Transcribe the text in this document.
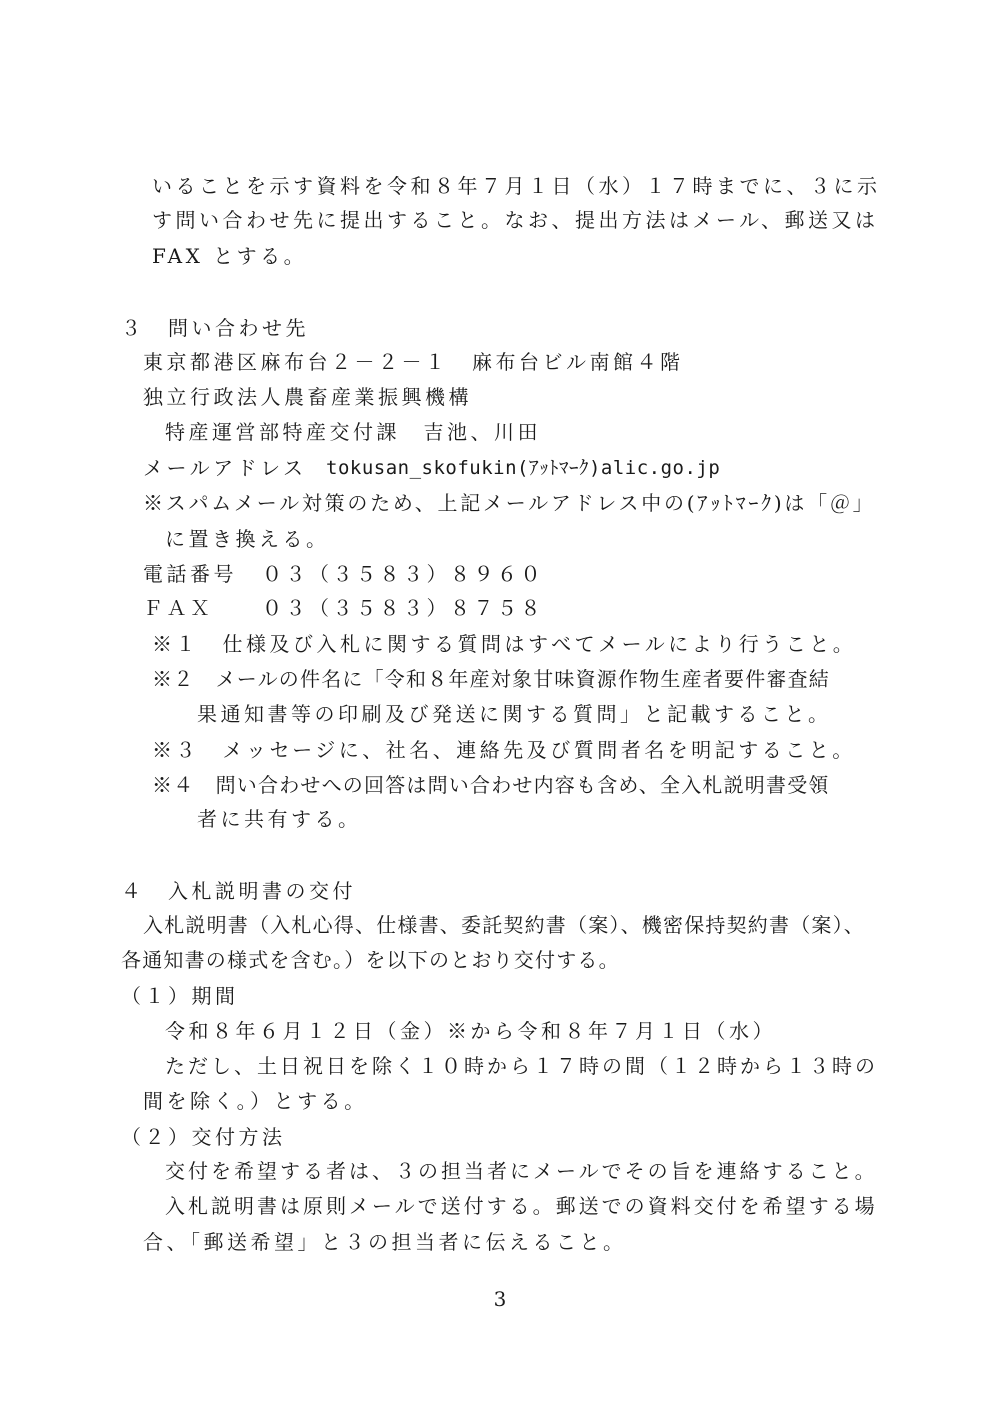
いることを示す資料を令和８年７月１日（水）１７時までに、３に示
す問い合わせ先に提出すること。なお、提出方法はメール、郵送又は
FAX とする。
３　問い合わせ先
東京都港区麻布台２－２－１　麻布台ビル南館４階
独立行政法人農畜産業振興機構
特産運営部特産交付課　吉池、川田
メールアドレス tokusan_skofukin(ｱｯﾄﾏｰｸ)alic.go.jp
※スパムメール対策のため、上記メールアドレス中の(ｱｯﾄﾏｰｸ)は「＠」
に置き換える。
電話番号 ０３（３５８３）８９６０
ＦＡＸ ０３（３５８３）８７５８
※１　仕様及び入札に関する質問はすべてメールにより行うこと。
※２　メールの件名に「令和８年産対象甘味資源作物生産者要件審査結
果通知書等の印刷及び発送に関する質問」と記載すること。
※３　メッセージに、社名、連絡先及び質問者名を明記すること。
※４　問い合わせへの回答は問い合わせ内容も含め、全入札説明書受領
者に共有する。
４　入札説明書の交付
入札説明書（入札心得、仕様書、委託契約書（案）、機密保持契約書（案）、
各通知書の様式を含む。）を以下のとおり交付する。
（１）期間
令和８年６月１２日（金）※から令和８年７月１日（水）
ただし、土日祝日を除く１０時から１７時の間（１２時から１３時の
間を除く。）とする。
（２）交付方法
交付を希望する者は、３の担当者にメールでその旨を連絡すること。
入札説明書は原則メールで送付する。郵送での資料交付を希望する場
合、「郵送希望」と３の担当者に伝えること。
3
